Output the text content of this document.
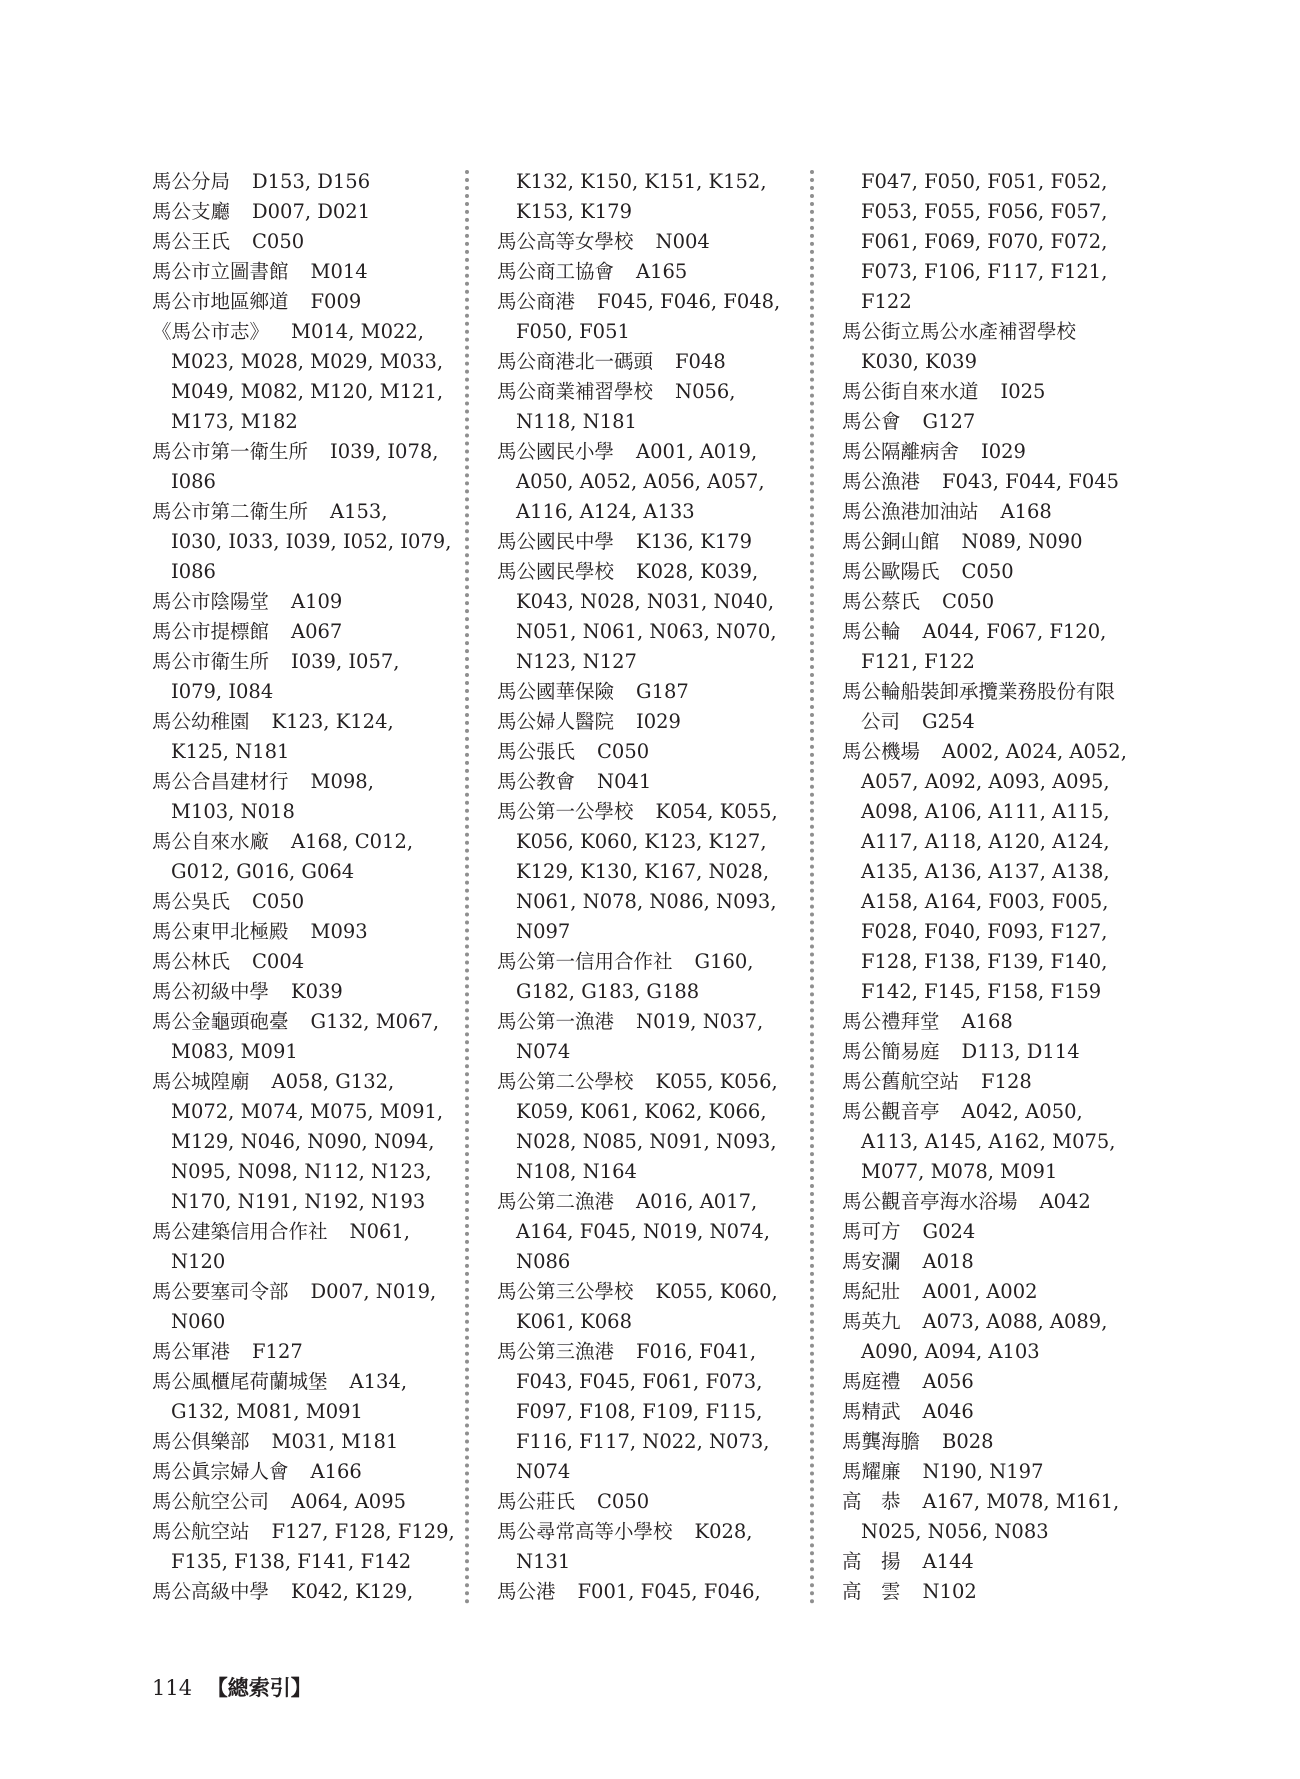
馬公分局 D153, D156
馬公支廳 D007, D021
馬公王氏 C050
馬公市立圖書館 M014
馬公市地區鄉道 F009
《馬公市志》 M014, M022,
M023, M028, M029, M033,
M049, M082, M120, M121,
M173, M182
馬公市第一衛生所 I039, I078,
I086
馬公市第二衛生所 A153,
I030, I033, I039, I052, I079,
I086
馬公市陰陽堂 A109
馬公市提標館 A067
馬公市衛生所 I039, I057,
I079, I084
馬公幼稚園 K123, K124,
K125, N181
馬公合昌建材行 M098,
M103, N018
馬公自來水廠 A168, C012,
G012, G016, G064
馬公吳氏 C050
馬公東甲北極殿 M093
馬公林氏 C004
馬公初級中學 K039
馬公金龜頭砲臺 G132, M067,
M083, M091
馬公城隍廟 A058, G132,
M072, M074, M075, M091,
M129, N046, N090, N094,
N095, N098, N112, N123,
N170, N191, N192, N193
馬公建築信用合作社 N061,
N120
馬公要塞司令部 D007, N019,
N060
馬公軍港 F127
馬公風櫃尾荷蘭城堡 A134,
G132, M081, M091
馬公俱樂部 M031, M181
馬公眞宗婦人會 A166
馬公航空公司 A064, A095
馬公航空站 F127, F128, F129,
F135, F138, F141, F142
馬公高級中學 K042, K129,
K132, K150, K151, K152,
K153, K179
馬公高等女學校 N004
馬公商工協會 A165
馬公商港 F045, F046, F048,
F050, F051
馬公商港北一碼頭 F048
馬公商業補習學校 N056,
N118, N181
馬公國民小學 A001, A019,
A050, A052, A056, A057,
A116, A124, A133
馬公國民中學 K136, K179
馬公國民學校 K028, K039,
K043, N028, N031, N040,
N051, N061, N063, N070,
N123, N127
馬公國華保險 G187
馬公婦人醫院 I029
馬公張氏 C050
馬公教會 N041
馬公第一公學校 K054, K055,
K056, K060, K123, K127,
K129, K130, K167, N028,
N061, N078, N086, N093,
N097
馬公第一信用合作社 G160,
G182, G183, G188
馬公第一漁港 N019, N037,
N074
馬公第二公學校 K055, K056,
K059, K061, K062, K066,
N028, N085, N091, N093,
N108, N164
馬公第二漁港 A016, A017,
A164, F045, N019, N074,
N086
馬公第三公學校 K055, K060,
K061, K068
馬公第三漁港 F016, F041,
F043, F045, F061, F073,
F097, F108, F109, F115,
F116, F117, N022, N073,
N074
馬公莊氏 C050
馬公尋常高等小學校 K028,
N131
馬公港 F001, F045, F046,
F047, F050, F051, F052,
F053, F055, F056, F057,
F061, F069, F070, F072,
F073, F106, F117, F121,
F122
馬公街立馬公水產補習學校
K030, K039
馬公街自來水道 I025
馬公會 G127
馬公隔離病舍 I029
馬公漁港 F043, F044, F045
馬公漁港加油站 A168
馬公銅山館 N089, N090
馬公歐陽氏 C050
馬公蔡氏 C050
馬公輪 A044, F067, F120,
F121, F122
馬公輪船裝卸承攬業務股份有限
公司 G254
馬公機場 A002, A024, A052,
A057, A092, A093, A095,
A098, A106, A111, A115,
A117, A118, A120, A124,
A135, A136, A137, A138,
A158, A164, F003, F005,
F028, F040, F093, F127,
F128, F138, F139, F140,
F142, F145, F158, F159
馬公禮拜堂 A168
馬公簡易庭 D113, D114
馬公舊航空站 F128
馬公觀音亭 A042, A050,
A113, A145, A162, M075,
M077, M078, M091
馬公觀音亭海水浴場 A042
馬可方 G024
馬安瀾 A018
馬紀壯 A001, A002
馬英九 A073, A088, A089,
A090, A094, A103
馬庭禮 A056
馬精武 A046
馬龔海膽 B028
馬耀廉 N190, N197
高　恭 A167, M078, M161,
N025, N056, N083
高　揚 A144
高　雲 N102
114 【總索引】
